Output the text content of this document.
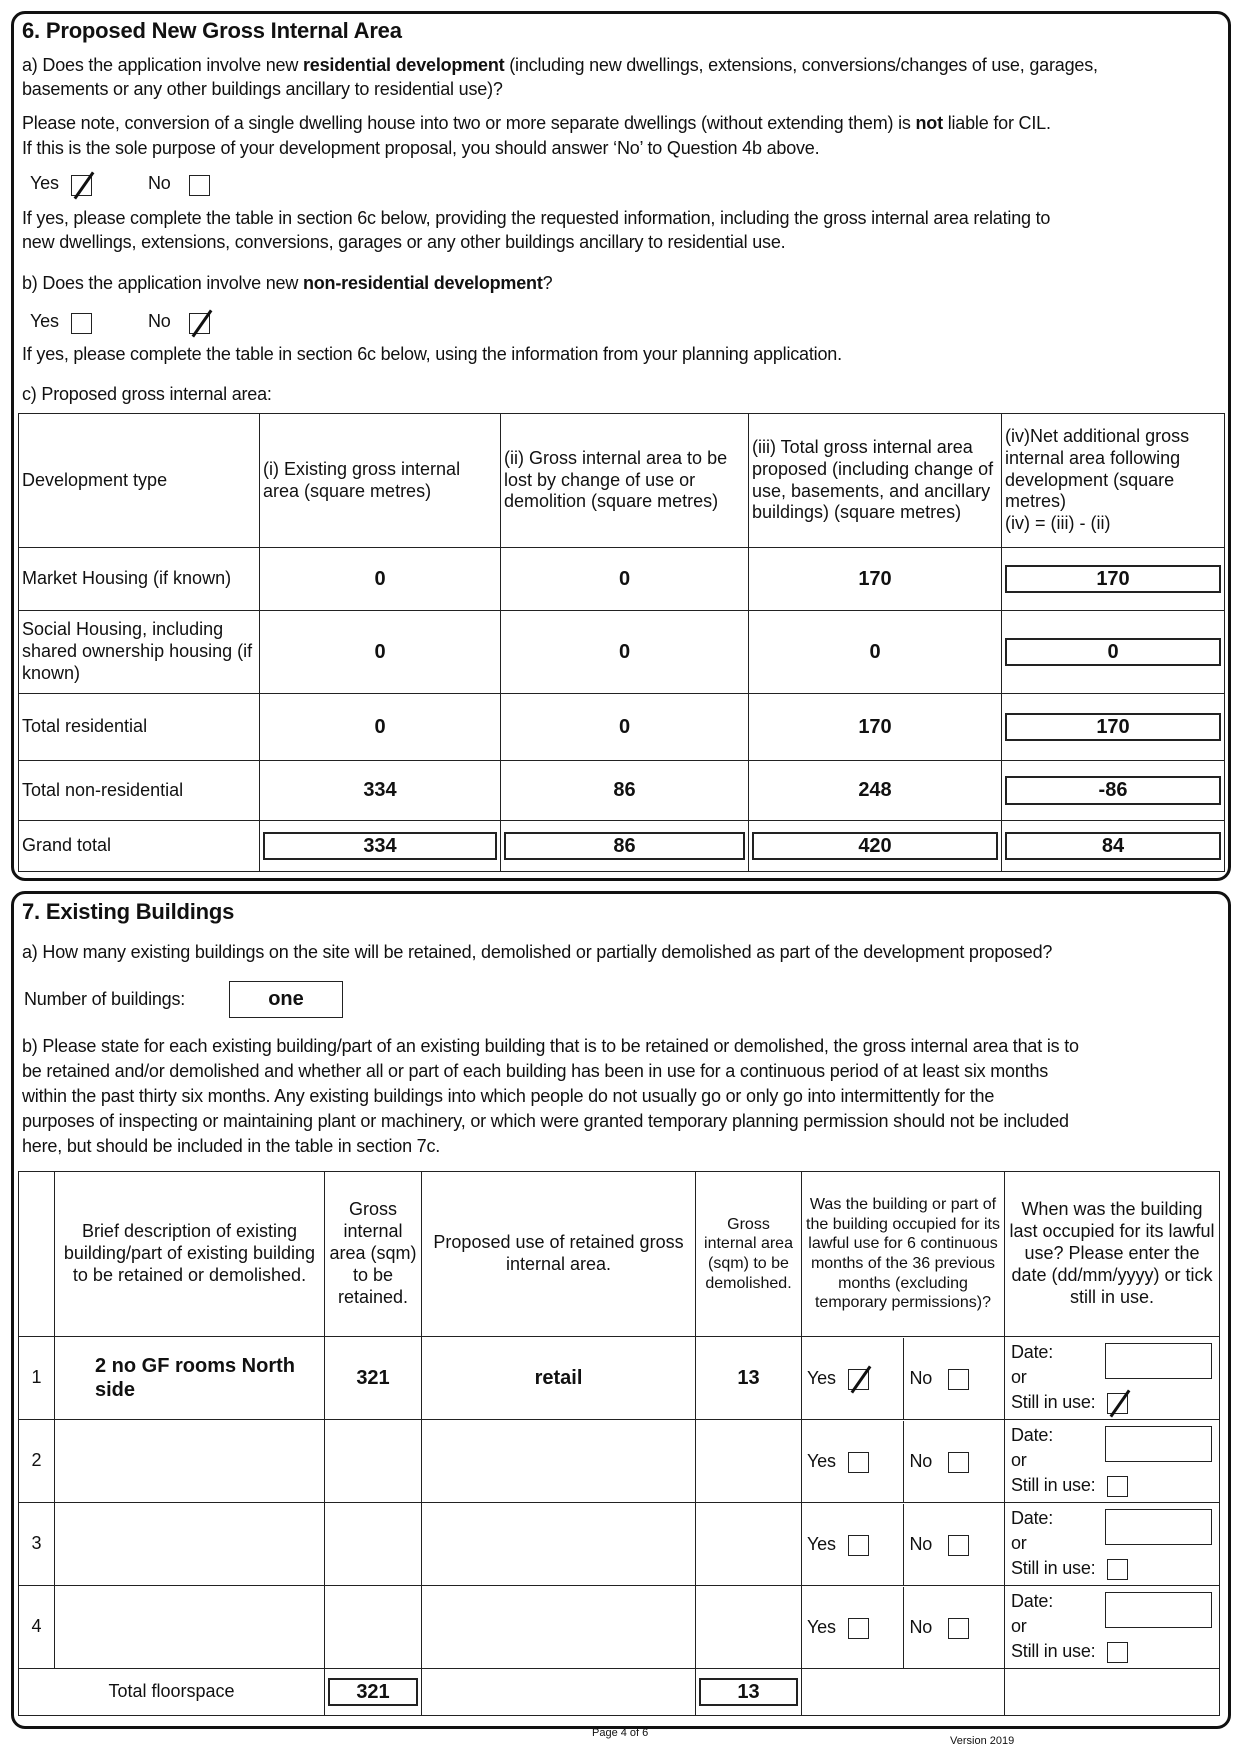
6. Proposed New Gross Internal Area
a) Does the application involve new residential development (including new dwellings, extensions, conversions/changes of use, garages,
basements or any other buildings ancillary to residential use)?
Please note, conversion of a single dwelling house into two or more separate dwellings (without extending them) is not liable for CIL.
If this is the sole purpose of your development proposal, you should answer ‘No’ to Question 4b above.
Yes	No
If yes, please complete the table in section 6c below, providing the requested information, including the gross internal area relating to
new dwellings, extensions, conversions, garages or any other buildings ancillary to residential use.
b) Does the application involve new non-residential development?
Yes	No
If yes, please complete the table in section 6c below, using the information from your planning application.
c) Proposed gross internal area:
Development type	(i) Existing gross internal area (square metres)	(ii) Gross internal area to be lost by change of use or demolition (square metres)	(iii) Total gross internal area proposed (including change of use, basements, and ancillary buildings) (square metres)	(iv)Net additional gross internal area following development (square metres)
(iv) = (iii) - (ii)
Market Housing (if known)	0	0	170	170

Social Housing, including shared ownership housing (if known)	0	0	0	0

Total residential	0	0	170	170

Total non-residential	334	86	248	-86

Grand total	334	86	420	84
7. Existing Buildings
a) How many existing buildings on the site will be retained, demolished or partially demolished as part of the development proposed?
Number of buildings:	one
b) Please state for each existing building/part of an existing building that is to be retained or demolished, the gross internal area that is to
be retained and/or demolished and whether all or part of each building has been in use for a continuous period of at least six months
within the past thirty six months. Any existing buildings into which people do not usually go or only go into intermittently for the
purposes of inspecting or maintaining plant or machinery, or which were granted temporary planning permission should not be included
here, but should be included in the table in section 7c.
	Brief description of existing building/part of existing building to be retained or demolished.	Gross internal area (sqm) to be retained.	Proposed use of retained gross internal area.	Gross internal area (sqm) to be demolished.	Was the building or part of the building occupied for its lawful use for 6 continuous months of the 36 previous months (excluding temporary permissions)?	When was the building last occupied for its lawful use? Please enter the date (dd/mm/yyyy) or tick still in use.
1	2 no GF rooms North side	321	retail	13	Yes No	Date:
or
Still in use:

2					Yes No	Date:
or
Still in use:

3					Yes No	Date:
or
Still in use:

4					Yes No	Date:
or
Still in use:

Total floorspace		321		13		

Page 4 of 6
Version 2019
